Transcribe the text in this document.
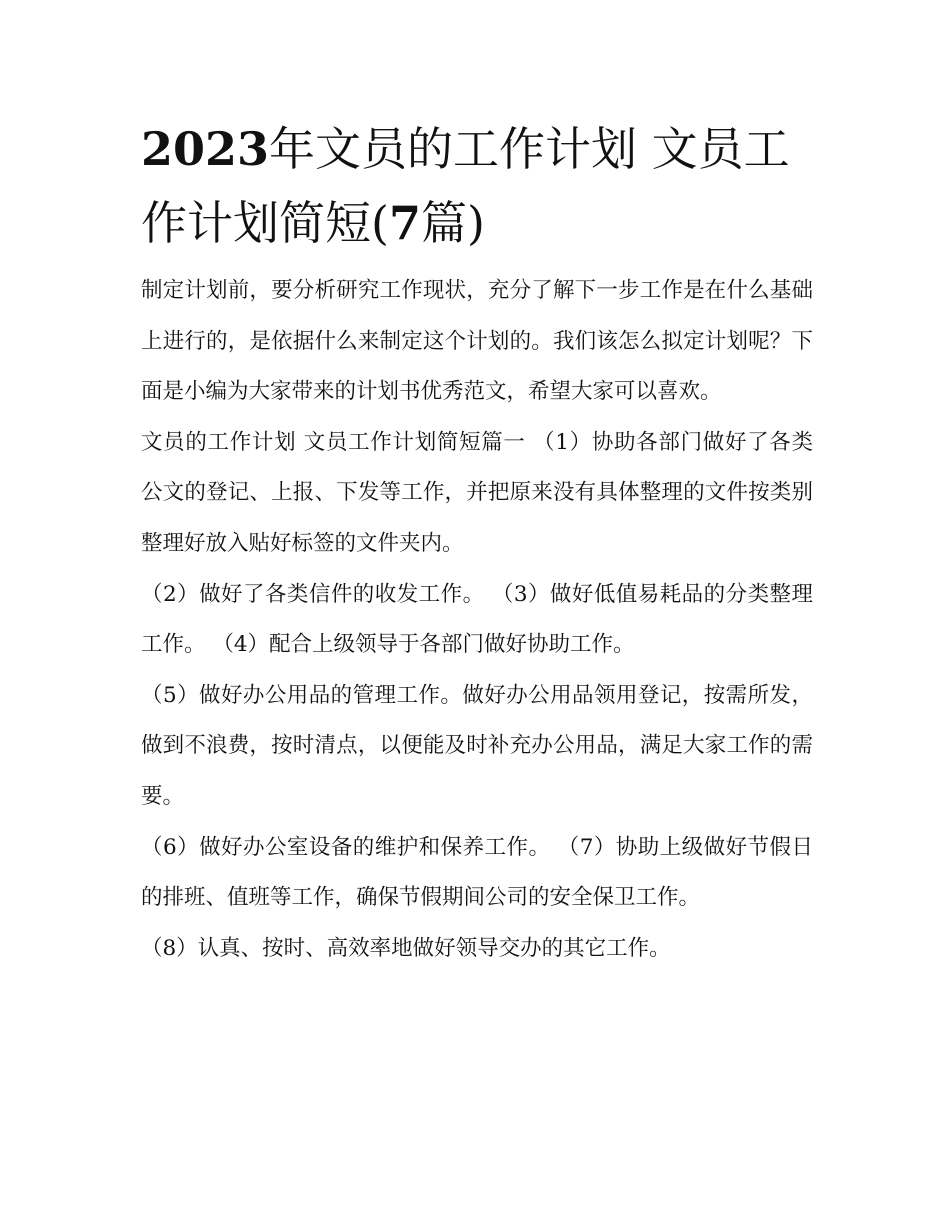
2023年文员的工作计划 文员工作计划简短(7篇)

制定计划前，要分析研究工作现状，充分了解下一步工作是在什么基础上进行的，是依据什么来制定这个计划的。我们该怎么拟定计划呢？下面是小编为大家带来的计划书优秀范文，希望大家可以喜欢。

文员的工作计划 文员工作计划简短篇一 （1）协助各部门做好了各类公文的登记、上报、下发等工作，并把原来没有具体整理的文件按类别整理好放入贴好标签的文件夹内。

（2）做好了各类信件的收发工作。 （3）做好低值易耗品的分类整理工作。 （4）配合上级领导于各部门做好协助工作。

（5）做好办公用品的管理工作。做好办公用品领用登记，按需所发，做到不浪费，按时清点，以便能及时补充办公用品，满足大家工作的需要。

（6）做好办公室设备的维护和保养工作。 （7）协助上级做好节假日的排班、值班等工作，确保节假期间公司的安全保卫工作。

（8）认真、按时、高效率地做好领导交办的其它工作。
